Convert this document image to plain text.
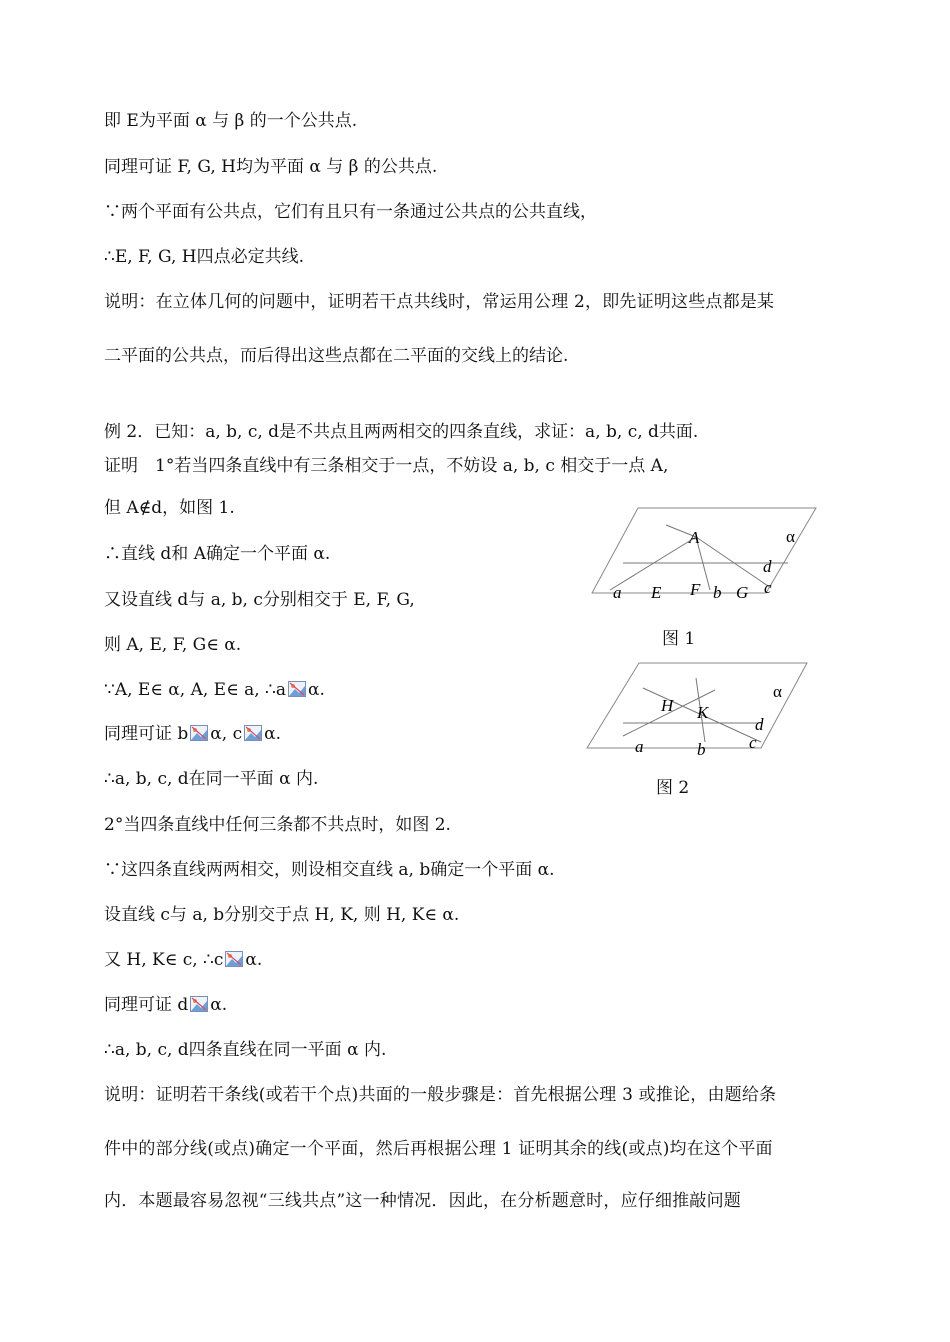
即 E为平面 α 与 β 的一个公共点.
同理可证 F, G, H均为平面 α 与 β 的公共点.
∵两个平面有公共点，它们有且只有一条通过公共点的公共直线，
∴E, F, G, H四点必定共线.
说明：在立体几何的问题中，证明若干点共线时，常运用公理 2，即先证明这些点都是某
二平面的公共点，而后得出这些点都在二平面的交线上的结论.
例 2．已知：a, b, c, d是不共点且两两相交的四条直线，求证：a, b, c, d共面.
证明　1°若当四条直线中有三条相交于一点，不妨设 a, b, c 相交于一点 A,
但 A∉d，如图 1.
∴直线 d和 A确定一个平面 α.
又设直线 d与 a, b, c分别相交于 E, F, G,
则 A, E, F, G∈ α.
∵A, E∈ α, A, E∈ a, ∴a α.
同理可证 b α, c α.
∴a, b, c, d在同一平面 α 内.
2°当四条直线中任何三条都不共点时，如图 2.
∵这四条直线两两相交，则设相交直线 a, b确定一个平面 α.
设直线 c与 a, b分别交于点 H, K, 则 H, K∈ α.
又 H, K∈ c, ∴c α.
同理可证 d α.
∴a, b, c, d四条直线在同一平面 α 内.
说明：证明若干条线(或若干个点)共面的一般步骤是：首先根据公理 3 或推论，由题给条
件中的部分线(或点)确定一个平面，然后再根据公理 1 证明其余的线(或点)均在这个平面
内．本题最容易忽视“三线共点”这一种情况．因此，在分析题意时，应仔细推敲问题
A	α
d
a E F b G c
图 1
H K
α
d
a	b	c
图 2
